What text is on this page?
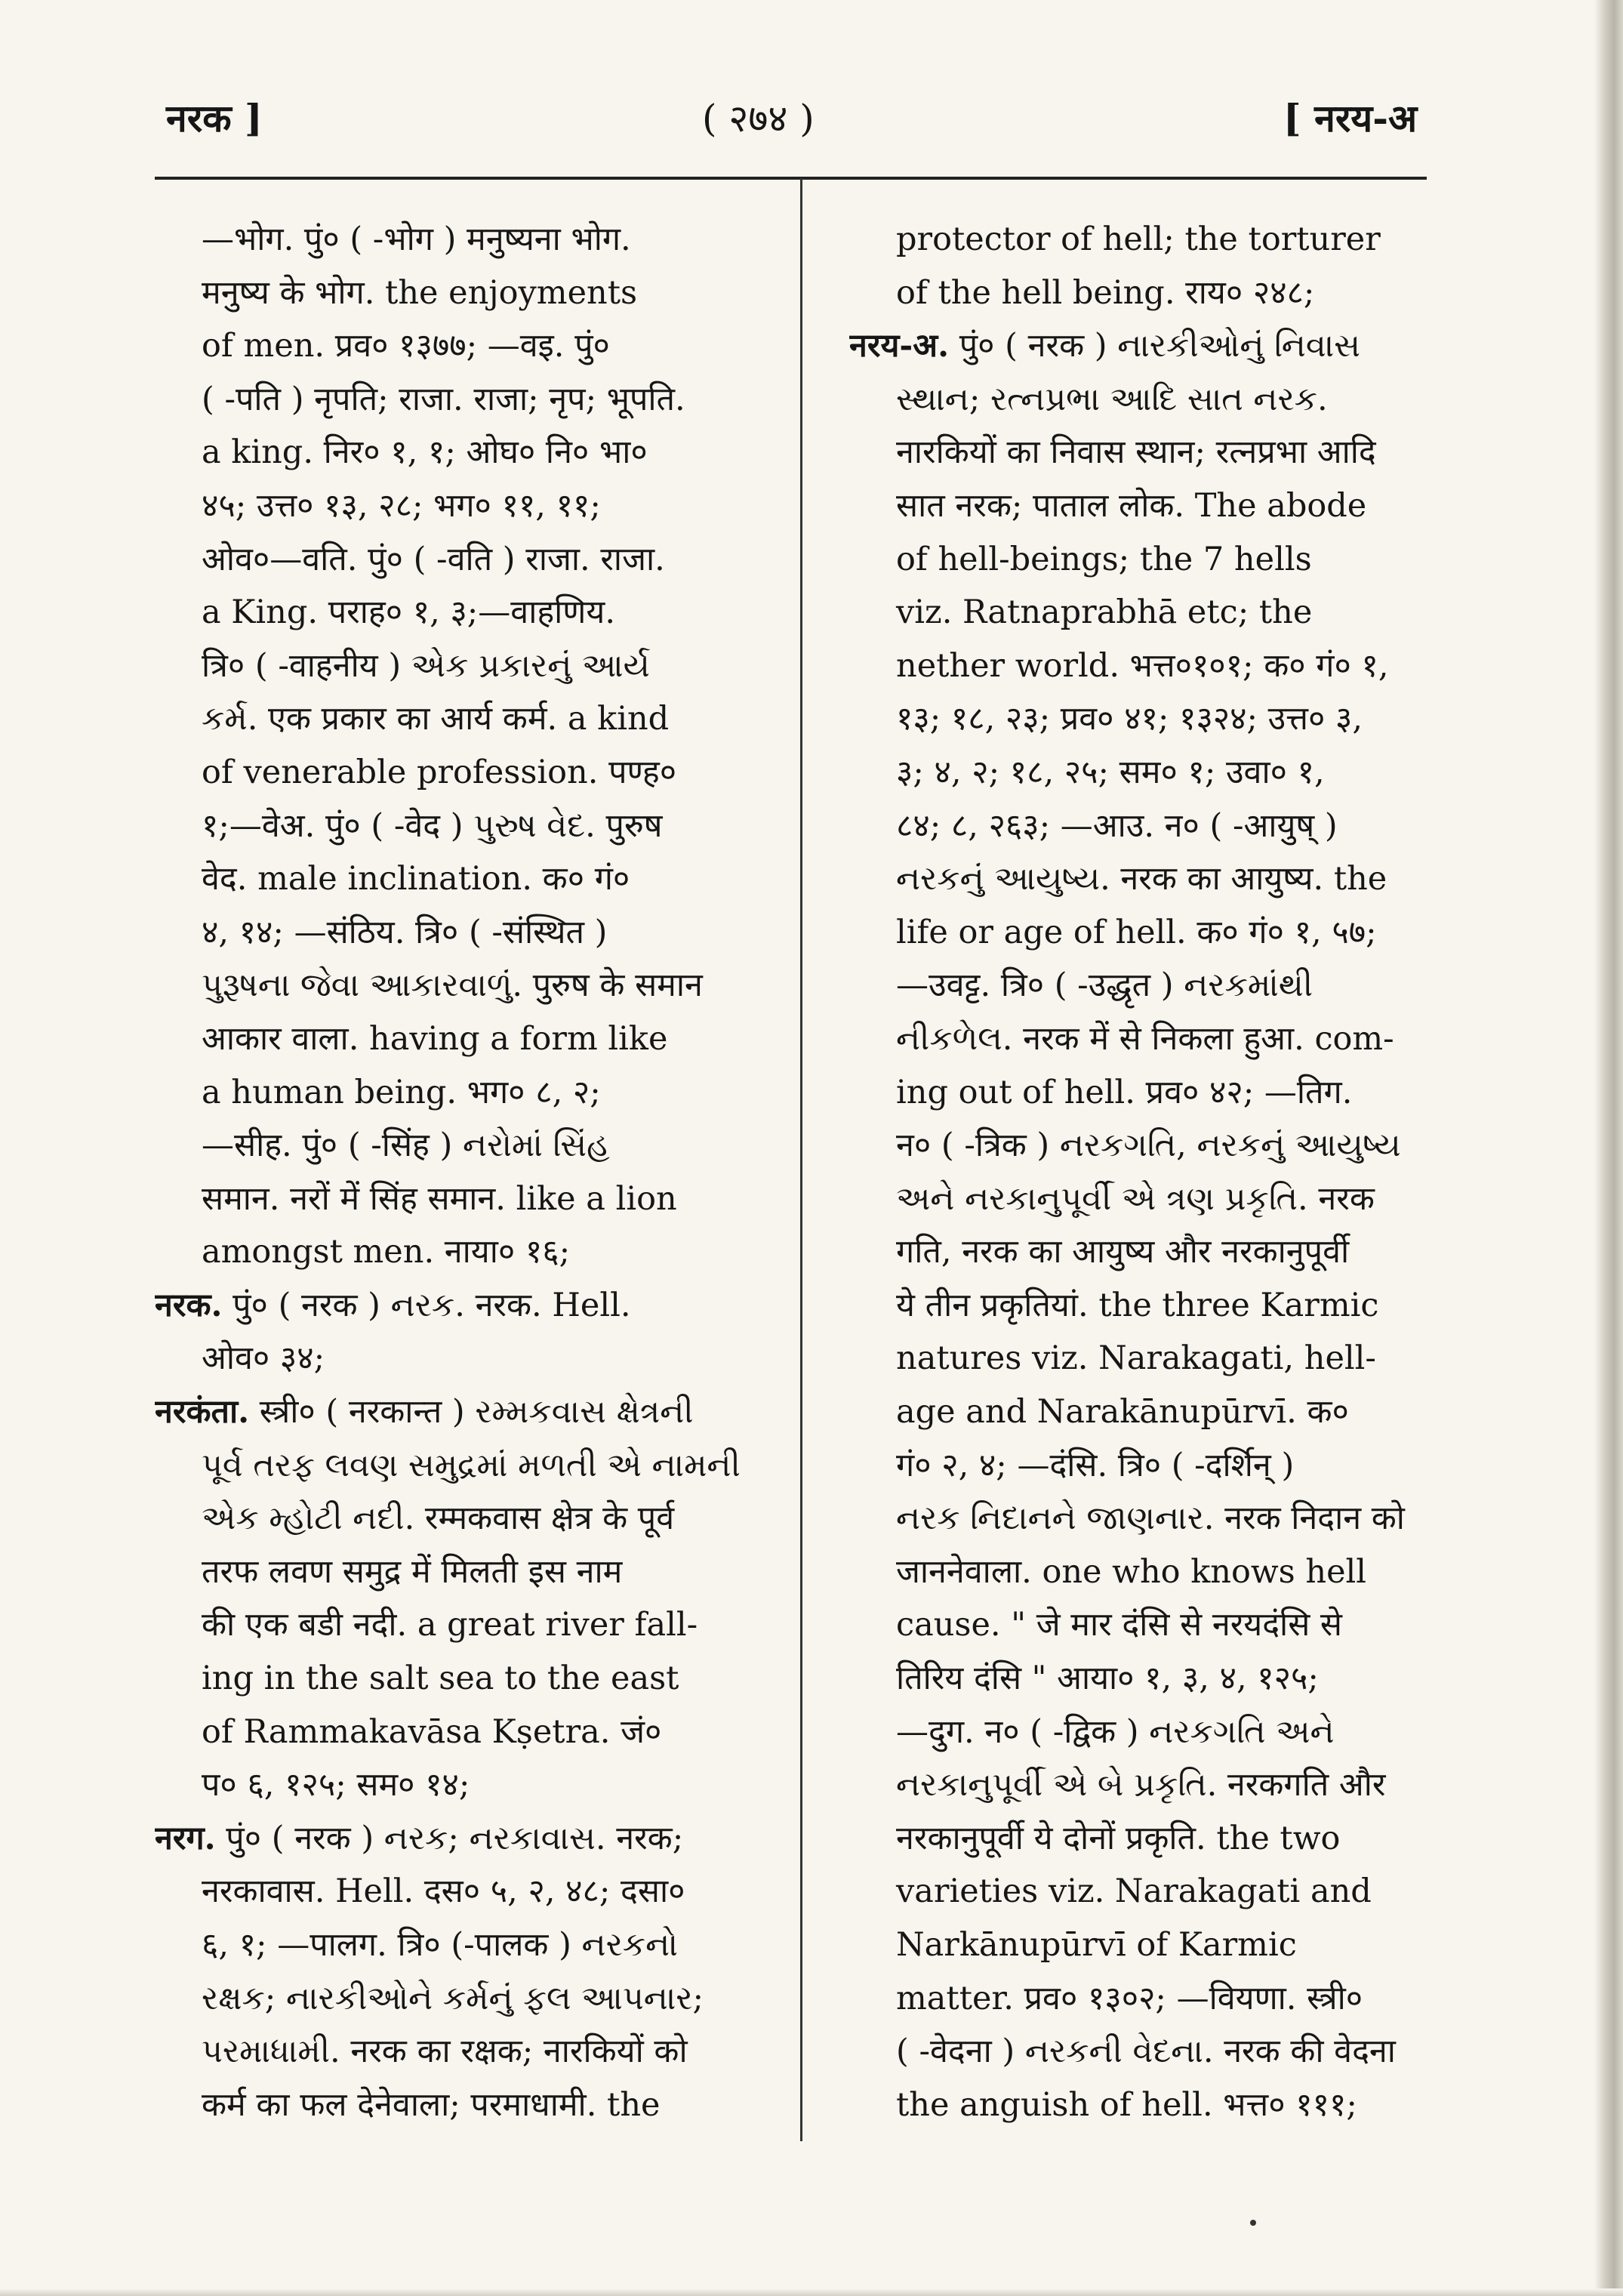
नरक ]	( २७४ )	[ नरय-अ
—भोग. पुं० ( -भोग ) मनुष्यना भोग.
मनुष्य के भोग. the enjoyments
of men. प्रव० १३७७; —वइ. पुं०
( -पति ) नृपति; राजा. राजा; नृप; भूपति.
a king. निर० १, १; ओघ० नि० भा०
४५; उत्त० १३, २८; भग० ११, ११;
ओव०—वति. पुं० ( -वति ) राजा. राजा.
a King. पराह० १, ३;—वाहणिय.
त्रि० ( -वाहनीय ) એક પ્રકારનું આર્ય
કર્મ. एक प्रकार का आर्य कर्म. a kind
of venerable profession. पण्ह०
१;—वेअ. पुं० ( -वेद ) પુરુષ વેદ. पुरुष
वेद. male inclination. क० गं०
४, १४; —संठिय. त्रि० ( -संस्थित )
પુરૂષના જેવા આકારવાળું. पुरुष के समान
आकार वाला. having a form like
a human being. भग० ८, २;
—सीह. पुं० ( -सिंह ) નરોમાં સિંહ
समान. नरों में सिंह समान. like a lion
amongst men. नाया० १६;
नरक. पुं० ( नरक ) નરક. नरक. Hell.
ओव० ३४;
नरकंता. स्त्री० ( नरकान्त ) રમ્મકવાસ ક્ષેત્રની
પૂર્વ તરફ લવણ સમુદ્રમાં મળતી એ નામની
એક મ્હોટી નદી. रम्मकवास क्षेत्र के पूर्व
तरफ लवण समुद्र में मिलती इस नाम
की एक बडी नदी. a great river fall-
ing in the salt sea to the east
of Rammakavāsa Kṣetra. जं०
प० ६, १२५; सम० १४;
नरग. पुं० ( नरक ) નરક; નરકાવાસ. नरक;
नरकावास. Hell. दस० ५, २, ४८; दसा०
६, १; —पालग. त्रि० (-पालक ) નરકનો
રક્ષક; નારકીઓને કર્મનું ફલ આપનાર;
પરમાધામી. नरक का रक्षक; नारकियों को
कर्म का फल देनेवाला; परमाधामी. the
protector of hell; the torturer
of the hell being. राय० २४८;
नरय-अ. पुं० ( नरक ) નારકીઓનું નિવાસ
સ્થાન; રત્નપ્રભા આદિ સાત નરક.
नारकियों का निवास स्थान; रत्नप्रभा आदि
सात नरक; पाताल लोक. The abode
of hell-beings; the 7 hells
viz. Ratnaprabhā etc; the
nether world. भत्त०१०१; क० गं० १,
१३; १८, २३; प्रव० ४१; १३२४; उत्त० ३,
३; ४, २; १८, २५; सम० १; उवा० १,
८४; ८, २६३; —आउ. न० ( -आयुष् )
નરકનું આયુષ્ય. नरक का आयुष्य. the
life or age of hell. क० गं० १, ५७;
—उवट्ट. त्रि० ( -उद्धृत ) નરકમાંથી
નીકળેલ. नरक में से निकला हुआ. com-
ing out of hell. प्रव० ४२; —तिग.
न० ( -त्रिक ) નરકગતિ, નરકનું આયુષ્ય
અને નરકાનુપૂર્વી એ ત્રણ પ્રકૃતિ. नरक
गति, नरक का आयुष्य और नरकानुपूर्वी
ये तीन प्रकृतियां. the three Karmic
natures viz. Narakagati, hell-
age and Narakānupūrvī. क०
गं० २, ४; —दंसि. त्रि० ( -दर्शिन् )
નરક નિદાનને જાણનાર. नरक निदान को
जाननेवाला. one who knows hell
cause. " जे मार दंसि से नरयदंसि से
तिरिय दंसि " आया० १, ३, ४, १२५;
—दुग. न० ( -द्विक ) નરકગતિ અને
નરકાનુપૂર્વી એ બે પ્રકૃતિ. नरकगति और
नरकानुपूर्वी ये दोनों प्रकृति. the two
varieties viz. Narakagati and
Narkānupūrvī of Karmic
matter. प्रव० १३०२; —वियणा. स्त्री०
( -वेदना ) નરકની વેદના. नरक की वेदना
the anguish of hell. भत्त० १११;
